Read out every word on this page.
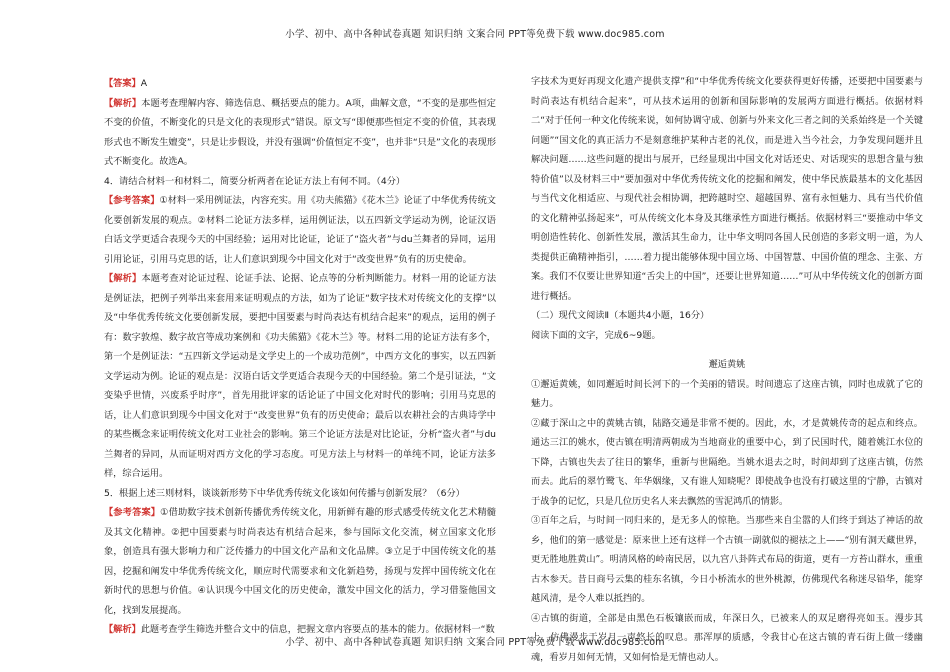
小学、初中、高中各种试卷真题 知识归纳 文案合同 PPT等免费下载 www.doc985.com

【答案】A

【解析】本题考查理解内容、筛选信息、概括要点的能力。A项，曲解文意，“不变的是那些恒定不变的价值，不断变化的只是文化的表现形式”错误。原文写“即便那些恒定不变的价值，其表现形式也不断发生嬗变”，只是让步假设，并没有强调“价值恒定不变”，也并非“只是”文化的表现形式不断变化。故选A。

4．请结合材料一和材料二，简要分析两者在论证方法上有何不同。（4分）

【参考答案】①材料一采用例证法，内容充实。用《功夫熊猫》《花木兰》论证了中华优秀传统文化要创新发展的观点。②材料二论证方法多样，运用例证法，以五四新文学运动为例，论证汉语白话文学更适合表现今天的中国经验；运用对比论证，论证了“盗火者”与du兰舞者的异同，运用引用论证，引用马克思的话，让人们意识到现今中国文化对于“改变世界”负有的历史使命。

【解析】本题考查对论证过程、论证手法、论据、论点等的分析判断能力。材料一用的论证方法是例证法，把例子列举出来套用来证明观点的方法，如为了论证“数字技术对传统文化的支撑”以及“中华优秀传统文化要创新发展，要把中国要素与时尚表达有机结合起来”的观点，运用的例子有：数字敦煌、数字故宫等成功案例和《功夫熊猫》《花木兰》等。材料二用的论证方法有多个，第一个是例证法：“五四新文学运动是文学史上的一个成功范例”，中西方文化的事实，以五四新文学运动为例。论证的观点是：汉语白话文学更适合表现今天的中国经验。第二个是引证法，“文变染乎世情，兴废系乎时序”，首先用批评家的话论证了中国文化对时代的影响；引用马克思的话，让人们意识到现今中国文化对于“改变世界”负有的历史使命；最后以农耕社会的古典诗学中的某些概念来证明传统文化对工业社会的影响。第三个论证方法是对比论证，分析“盗火者”与du兰舞者的异同，从而证明对西方文化的学习态度。可见方法上与材料一的单纯不同，论证方法多样，综合运用。

5．根据上述三则材料，谈谈新形势下中华优秀传统文化该如何传播与创新发展？（6分）

【参考答案】①借助数字技术创新传播优秀传统文化，用新鲜有趣的形式感受传统文化艺术精髓及其文化精神。②把中国要素与时尚表达有机结合起来，参与国际文化交流，树立国家文化形象，创造具有强大影响力和广泛传播力的中国文化产品和文化品牌。③立足于中国传统文化的基因，挖掘和阐发中华优秀传统文化，顺应时代需要求和文化新趋势，扬现与发挥中国传统文化在新时代的思想与价值。④认识现今中国文化的历史使命，激发中国文化的活力，学习借鉴他国文化，找到发展提高。

【解析】此题考查学生筛选并整合文中的信息，把握文章内容要点的基本的能力。依据材料一“数

字技术为更好再现文化遗产提供支撑”和“中华优秀传统文化要获得更好传播，还要把中国要素与时尚表达有机结合起来”，可从技术运用的创新和国际影响的发展两方面进行概括。依据材料二“对于任何一种文化传统来说，如何协调守成、创新与外来文化三者之间的关系始终是一个关键问题”“国文化的真正活力不是刻意维护某种古老的礼仪，而是进入当今社会，力争发现问题并且解决问题……这些问题的提出与展开，已经显现出中国文化对话还史、对话现实的思想含量与独特价值”以及材料三中“要加强对中华优秀传统文化的挖掘和阐发，使中华民族最基本的文化基因与当代文化相适应、与现代社会相协调，把跨越时空、超越国界、富有永恒魅力、具有当代价值的文化精神弘扬起来”，可从传统文化本身及其继承性方面进行概括。依据材料三“要推动中华文明创造性转化、创新性发展，激活其生命力，让中华文明同各国人民创造的多彩文明一道，为人类提供正确精神指引，……着力提出能够体现中国立场、中国智慧、中国价值的理念、主张、方案。我们不仅要让世界知道“舌尖上的中国”，还要让世界知道……”可从中华传统文化的创新方面进行概括。

（二）现代文阅读Ⅱ（本题共4小题，16分）

阅读下面的文字，完成6~9题。

邂逅黄姚

①邂逅黄姚，如同邂逅时间长河下的一个美丽的错误。时间遗忘了这座古镇，同时也成就了它的魅力。

②藏于深山之中的黄姚古镇，陆路交通是非常不便的。因此，水，才是黄姚传奇的起点和终点。通达三江的姚水，使古镇在明清两朝成为当地商业的重要中心，到了民国时代，随着姚江水位的下降，古镇也失去了往日的繁华，重新与世隔绝。当姚水退去之时，时间却到了这座古镇，仿然而去。此后的翠竹鹭飞、年华姻缘，又有谁人知晓呢？即使战争也没有打破这里的宁静，古镇对于战争的记忆，只是几位历史名人来去飘然的雪泥鸿爪的情影。

③百年之后，与时间一同归来的，是无多人的惊艳。当那些来自尘嚣的人们终于到达了神话的故乡，他们的第一感觉是：原来世上还有这样一个古镇一副就似的褪祛之上——“别有洞天藏世界，更无胜地胜黄山”。明清风格的岭南民居，以九宫八卦阵式布局的街道，更有一方苔山群水，重重古木参天。昔日商号云集的桂东名镇，今日小桥流水的世外桃源，仿佛现代名称迷尽铅华，能穿越风清，是令人难以抵挡的。

④古镇的街道，全部是由黑色石板镶嵌而成，年深日久，已被来人的双足磨得亮如玉。漫步其上，仿佛漫步于岁月一声悠长的叹息。那浑厚的质感，令我甘心在这古镇的青石街上做一缕幽魂，看岁月如何无情，又如何恰是无情也动人。

小学、初中、高中各种试卷真题 知识归纳 文案合同 PPT等免费下载 www.doc985.com
